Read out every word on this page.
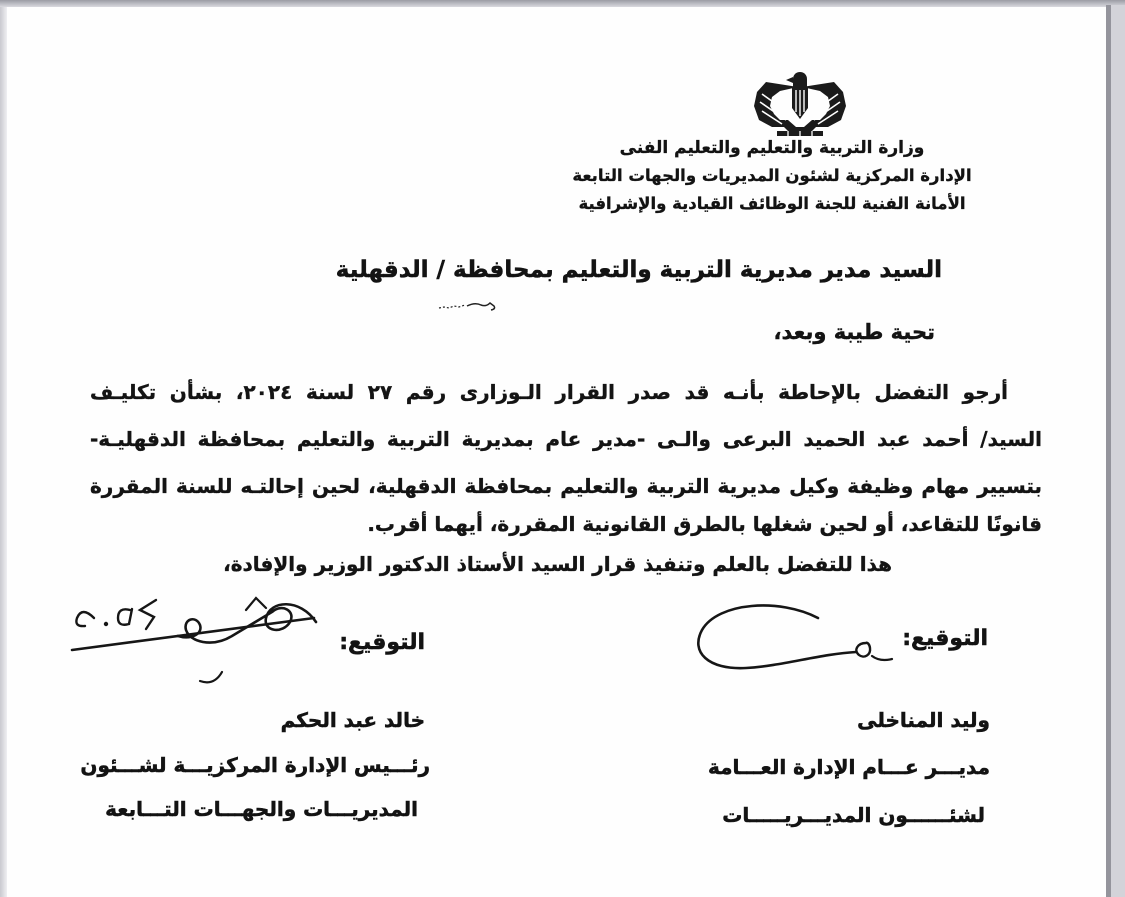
وزارة التربية والتعليم والتعليم الفنى
الإدارة المركزية لشئون المديريات والجهات التابعة
الأمانة الفنية للجنة الوظائف القيادية والإشرافية
السيد مدير مديرية التربية والتعليم بمحافظة / الدقهلية
تحية طيبة وبعد،
أرجو التفضل بالإحاطة بأنـه قد صدر القرار الـوزارى رقم ٢٧ لسنة ٢٠٢٤، بشأن تكليـف
السيد/ أحمد عبد الحميد البرعى والـى -مدير عام بمديرية التربية والتعليم بمحافظة الدقهليـة-
بتسيير مهام وظيفة وكيل مديرية التربية والتعليم بمحافظة الدقهلية، لحين إحالتـه للسنة المقررة
قانونًا للتقاعد، أو لحين شغلها بالطرق القانونية المقررة، أيهما أقرب.
هذا للتفضل بالعلم وتنفيذ قرار السيد الأستاذ الدكتور الوزير والإفادة،
التوقيع:
وليد المناخلى
مديـــر عـــام الإدارة العـــامة
لشئــــــون المديـــريـــــات
التوقيع:
خالد عبد الحكم
رئـــيس الإدارة المركزيـــة لشـــئون
المديريـــات والجهـــات التـــابعة
